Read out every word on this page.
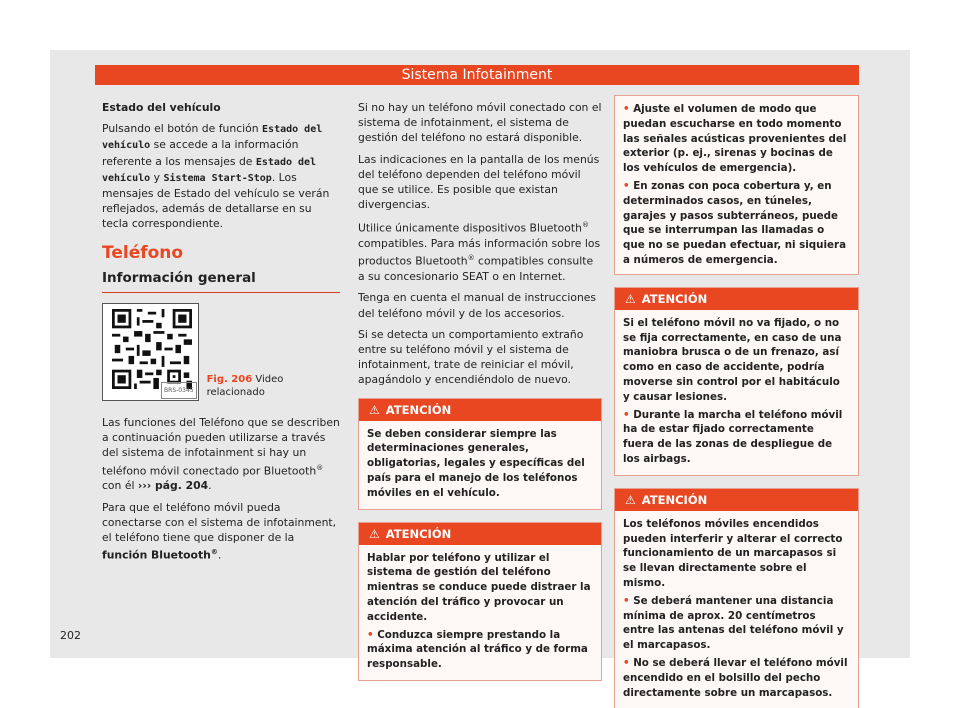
Sistema Infotainment

Estado del vehículo

Pulsando el botón de función Estado del vehículo se accede a la información referente a los mensajes de Estado del vehículo y Sistema Start-Stop. Los mensajes de Estado del vehículo se verán reflejados, además de detallarse en su tecla correspondiente.

Teléfono
Información general
BRS-0345
Fig. 206 Video relacionado

Las funciones del Teléfono que se describen a continuación pueden utilizarse a través del sistema de infotainment si hay un teléfono móvil conectado por Bluetooth® con él ››› pág. 204.

Para que el teléfono móvil pueda conectarse con el sistema de infotainment, el teléfono tiene que disponer de la función Bluetooth®.

Si no hay un teléfono móvil conectado con el sistema de infotainment, el sistema de gestión del teléfono no estará disponible.

Las indicaciones en la pantalla de los menús del teléfono dependen del teléfono móvil que se utilice. Es posible que existan divergencias.

Utilice únicamente dispositivos Bluetooth® compatibles. Para más información sobre los productos Bluetooth® compatibles consulte a su concesionario SEAT o en Internet.

Tenga en cuenta el manual de instrucciones del teléfono móvil y de los accesorios.

Si se detecta un comportamiento extraño entre su teléfono móvil y el sistema de infotainment, trate de reiniciar el móvil, apagándolo y encendiéndolo de nuevo.

⚠ ATENCIÓN
Se deben considerar siempre las determinaciones generales, obligatorias, legales y específicas del país para el manejo de los teléfonos móviles en el vehículo.
⚠ ATENCIÓN
Hablar por teléfono y utilizar el sistema de gestión del teléfono mientras se conduce puede distraer la atención del tráfico y provocar un accidente.
• Conduzca siempre prestando la máxima atención al tráfico y de forma responsable.
• Ajuste el volumen de modo que puedan escucharse en todo momento las señales acústicas provenientes del exterior (p. ej., sirenas y bocinas de los vehículos de emergencia).
• En zonas con poca cobertura y, en determinados casos, en túneles, garajes y pasos subterráneos, puede que se interrumpan las llamadas o que no se puedan efectuar, ni siquiera a números de emergencia.
⚠ ATENCIÓN
Si el teléfono móvil no va fijado, o no se fija correctamente, en caso de una maniobra brusca o de un frenazo, así como en caso de accidente, podría moverse sin control por el habitáculo y causar lesiones.
• Durante la marcha el teléfono móvil ha de estar fijado correctamente fuera de las zonas de despliegue de los airbags.
⚠ ATENCIÓN
Los teléfonos móviles encendidos pueden interferir y alterar el correcto funcionamiento de un marcapasos si se llevan directamente sobre el mismo.
• Se deberá mantener una distancia mínima de aprox. 20 centímetros entre las antenas del teléfono móvil y el marcapasos.
• No se deberá llevar el teléfono móvil encendido en el bolsillo del pecho directamente sobre un marcapasos.
202
